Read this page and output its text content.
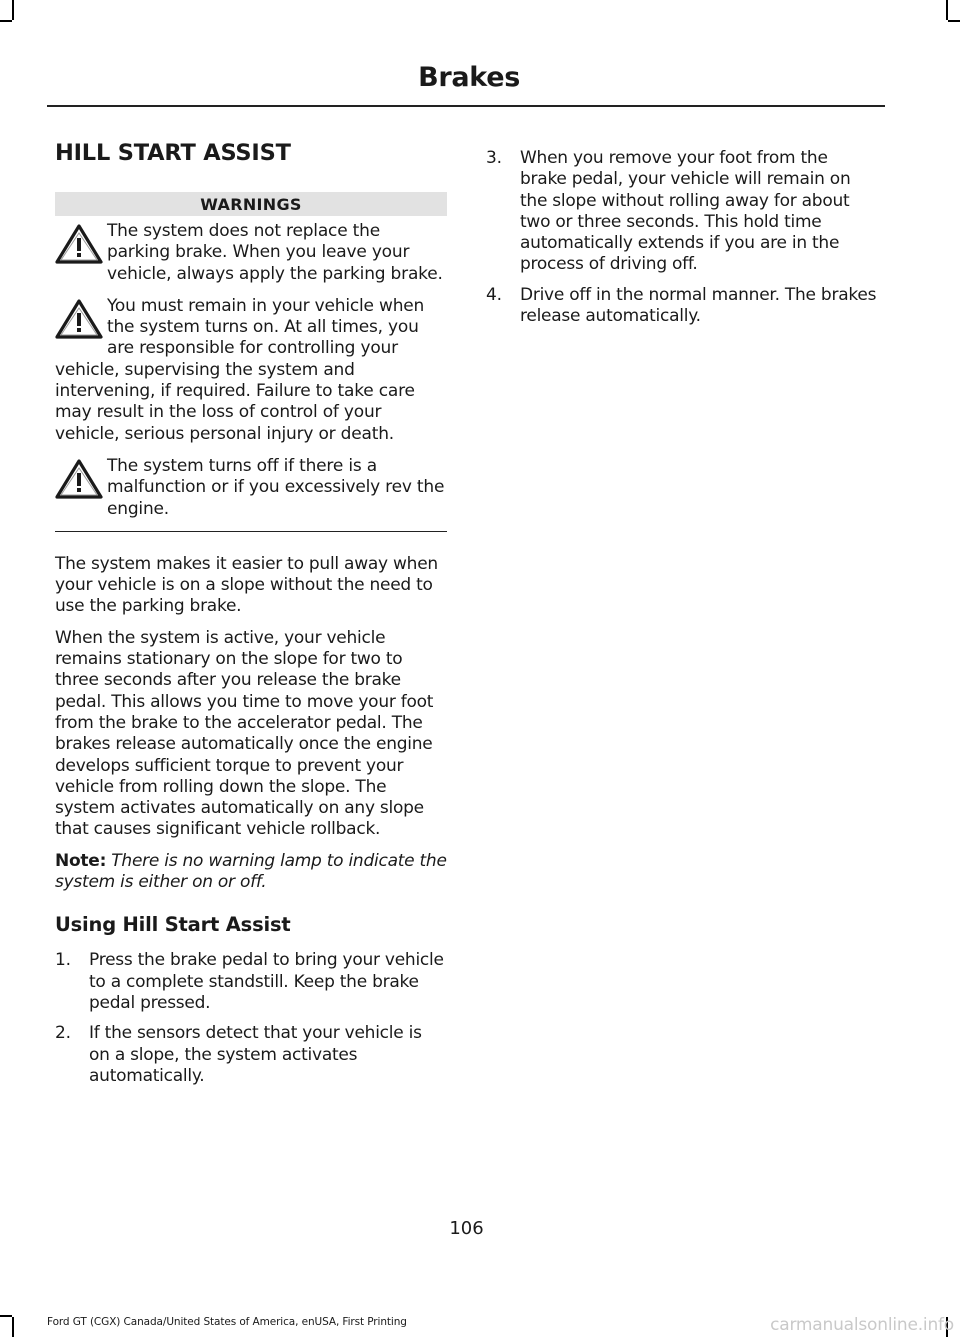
Brakes
HILL START ASSIST
WARNINGS
The system does not replace the parking brake. When you leave your vehicle, always apply the parking brake.
You must remain in your vehicle when the system turns on. At all times, you are responsible for controlling your vehicle, supervising the system and intervening, if required. Failure to take care may result in the loss of control of your vehicle, serious personal injury or death.
The system turns off if there is a malfunction or if you excessively rev the engine.

The system makes it easier to pull away when your vehicle is on a slope without the need to use the parking brake.

When the system is active, your vehicle remains stationary on the slope for two to three seconds after you release the brake pedal. This allows you time to move your foot from the brake to the accelerator pedal. The brakes release automatically once the engine develops sufficient torque to prevent your vehicle from rolling down the slope. The system activates automatically on any slope that causes significant vehicle rollback.

Note: There is no warning lamp to indicate the system is either on or off.

Using Hill Start Assist
1. Press the brake pedal to bring your vehicle to a complete standstill. Keep the brake pedal pressed.
2. If the sensors detect that your vehicle is on a slope, the system activates automatically.
3. When you remove your foot from the brake pedal, your vehicle will remain on the slope without rolling away for about two or three seconds. This hold time automatically extends if you are in the process of driving off.
4. Drive off in the normal manner. The brakes release automatically.
106
Ford GT (CGX) Canada/United States of America, enUSA, First Printing	carmanualsonline.info
